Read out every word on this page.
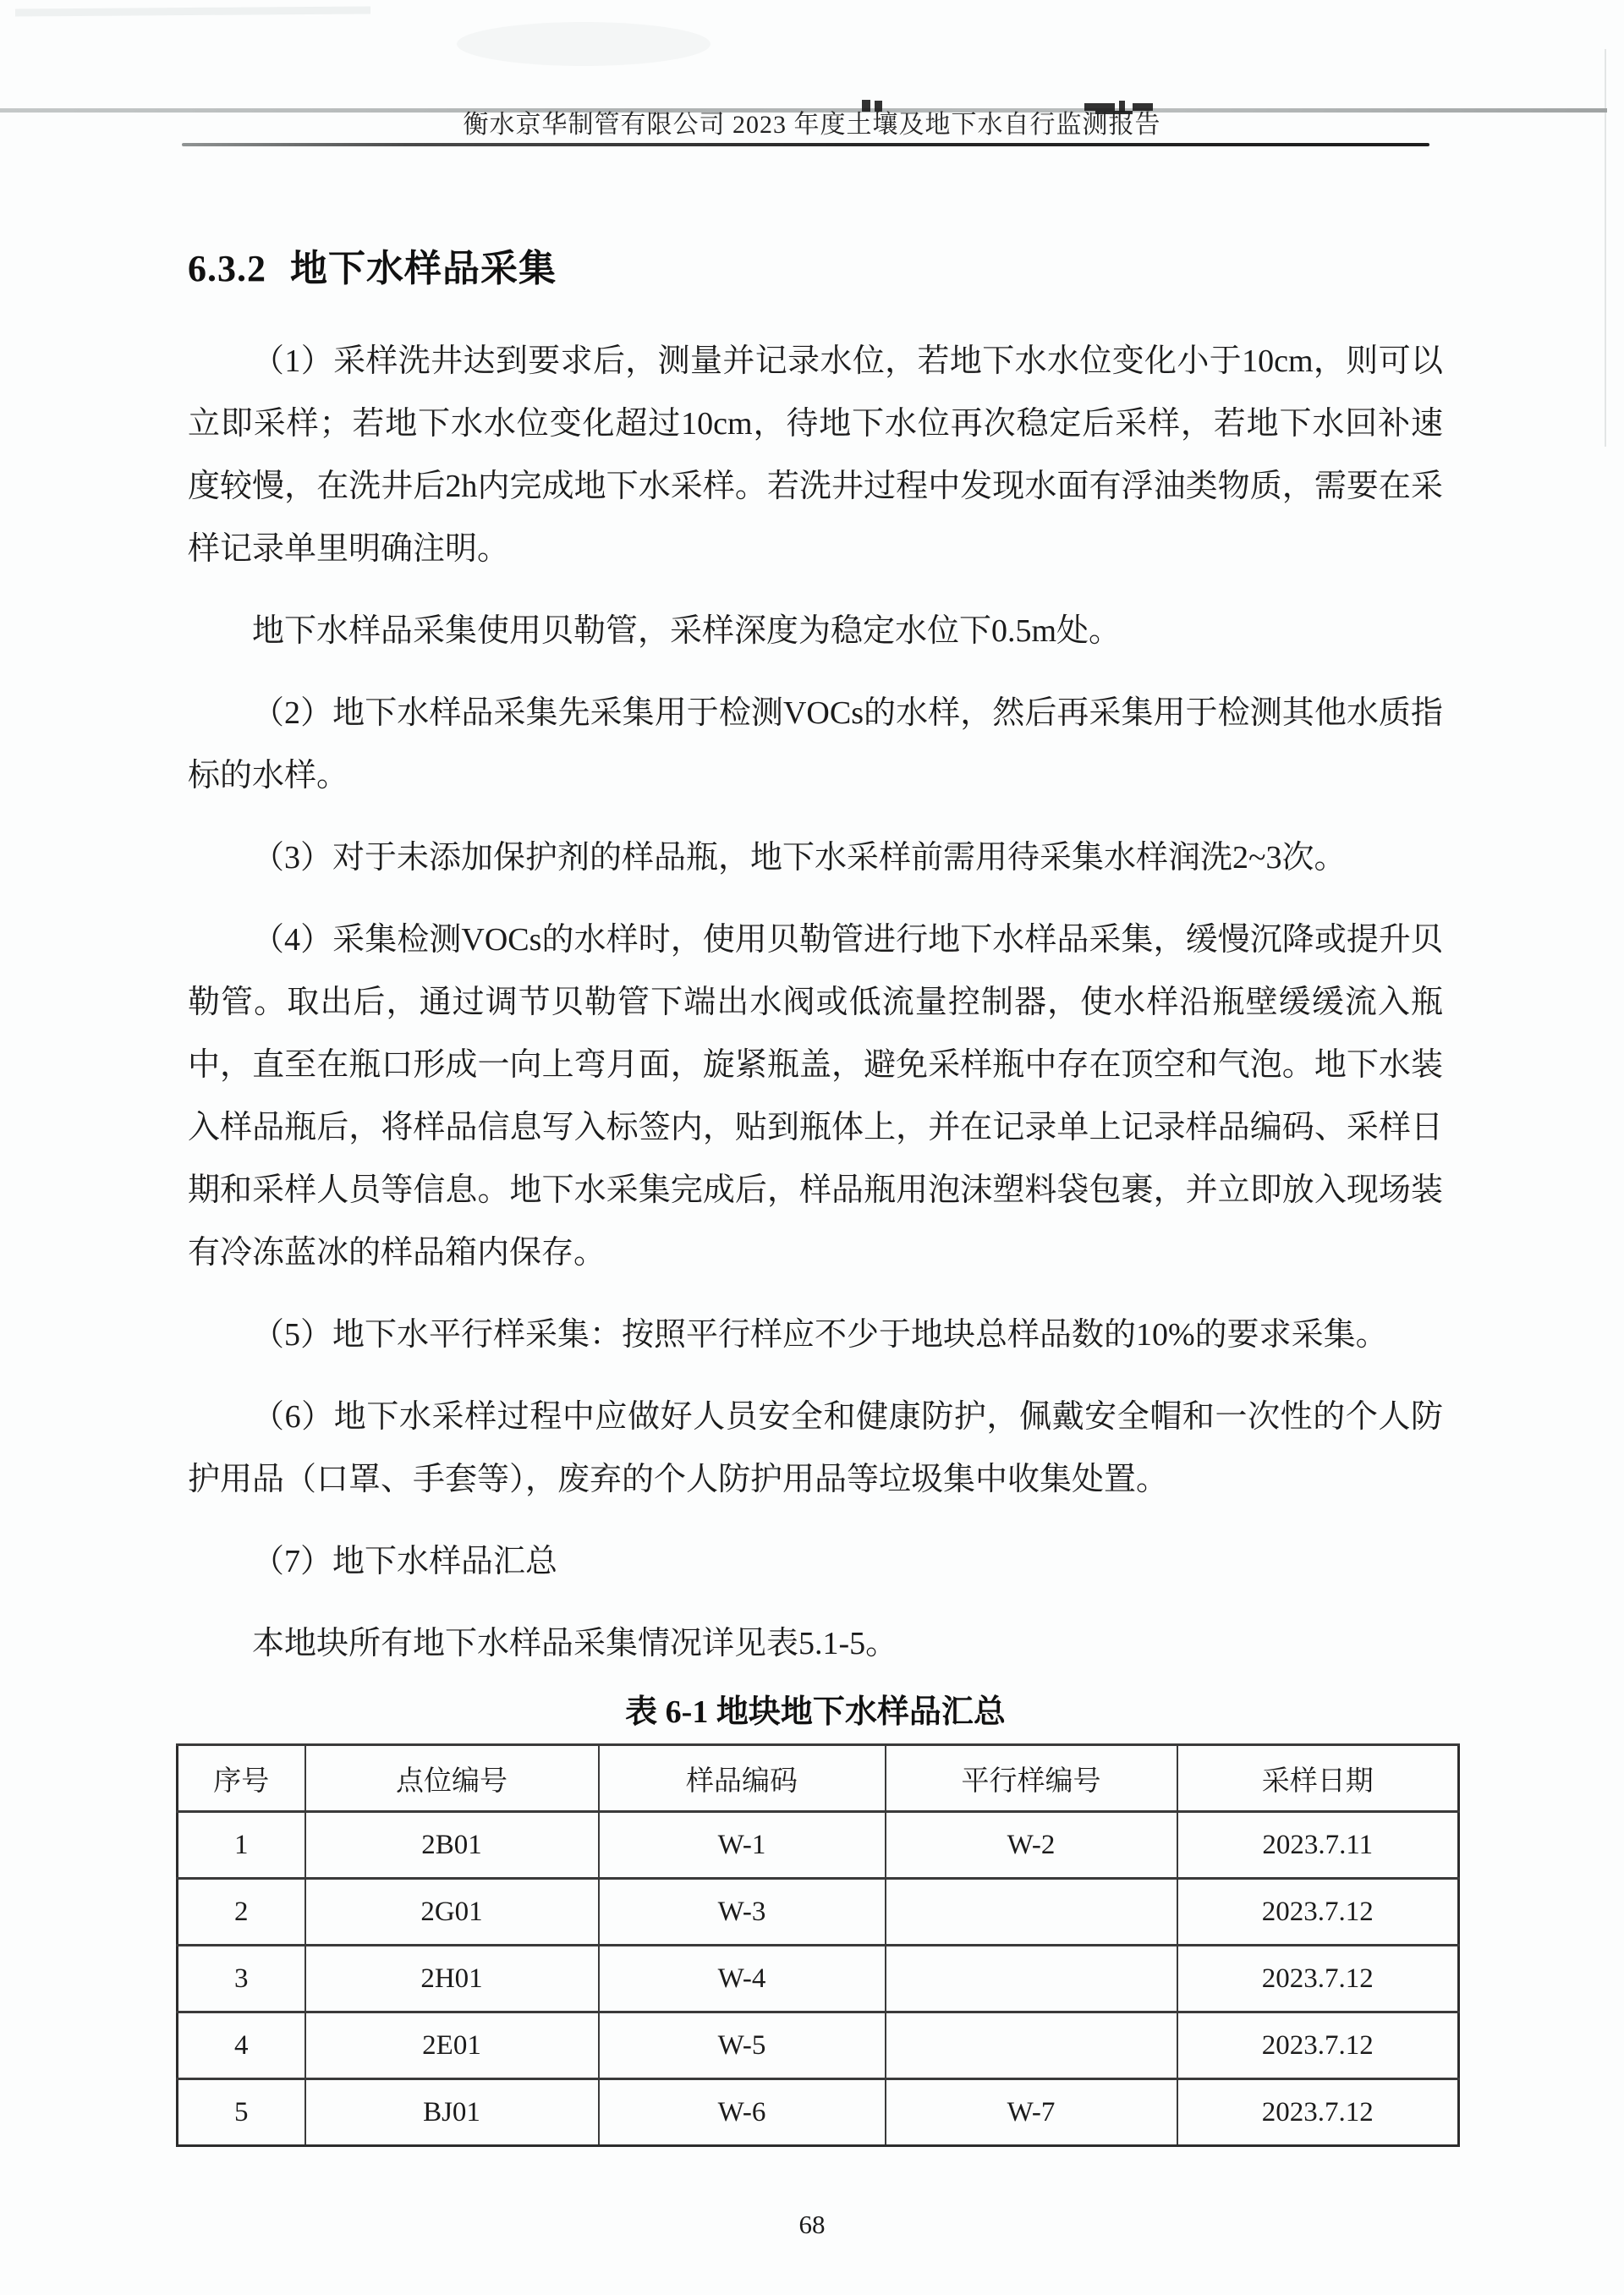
衡水京华制管有限公司 2023 年度土壤及地下水自行监测报告
6.3.2 地下水样品采集

（1）采样洗井达到要求后，测量并记录水位，若地下水水位变化小于10cm，则可以立即采样；若地下水水位变化超过10cm，待地下水位再次稳定后采样，若地下水回补速度较慢，在洗井后2h内完成地下水采样。若洗井过程中发现水面有浮油类物质，需要在采样记录单里明确注明。

地下水样品采集使用贝勒管，采样深度为稳定水位下0.5m处。

（2）地下水样品采集先采集用于检测VOCs的水样，然后再采集用于检测其他水质指标的水样。

（3）对于未添加保护剂的样品瓶，地下水采样前需用待采集水样润洗2~3次。

（4）采集检测VOCs的水样时，使用贝勒管进行地下水样品采集，缓慢沉降或提升贝勒管。取出后，通过调节贝勒管下端出水阀或低流量控制器，使水样沿瓶壁缓缓流入瓶中，直至在瓶口形成一向上弯月面，旋紧瓶盖，避免采样瓶中存在顶空和气泡。地下水装入样品瓶后，将样品信息写入标签内，贴到瓶体上，并在记录单上记录样品编码、采样日期和采样人员等信息。地下水采集完成后，样品瓶用泡沫塑料袋包裹，并立即放入现场装有冷冻蓝冰的样品箱内保存。

（5）地下水平行样采集：按照平行样应不少于地块总样品数的10%的要求采集。

（6）地下水采样过程中应做好人员安全和健康防护，佩戴安全帽和一次性的个人防护用品（口罩、手套等），废弃的个人防护用品等垃圾集中收集处置。

（7）地下水样品汇总

本地块所有地下水样品采集情况详见表5.1-5。

表 6-1 地块地下水样品汇总
序号	点位编号	样品编码	平行样编号	采样日期
1	2B01	W-1	W-2	2023.7.11
2	2G01	W-3		2023.7.12
3	2H01	W-4		2023.7.12
4	2E01	W-5		2023.7.12
5	BJ01	W-6	W-7	2023.7.12
68
